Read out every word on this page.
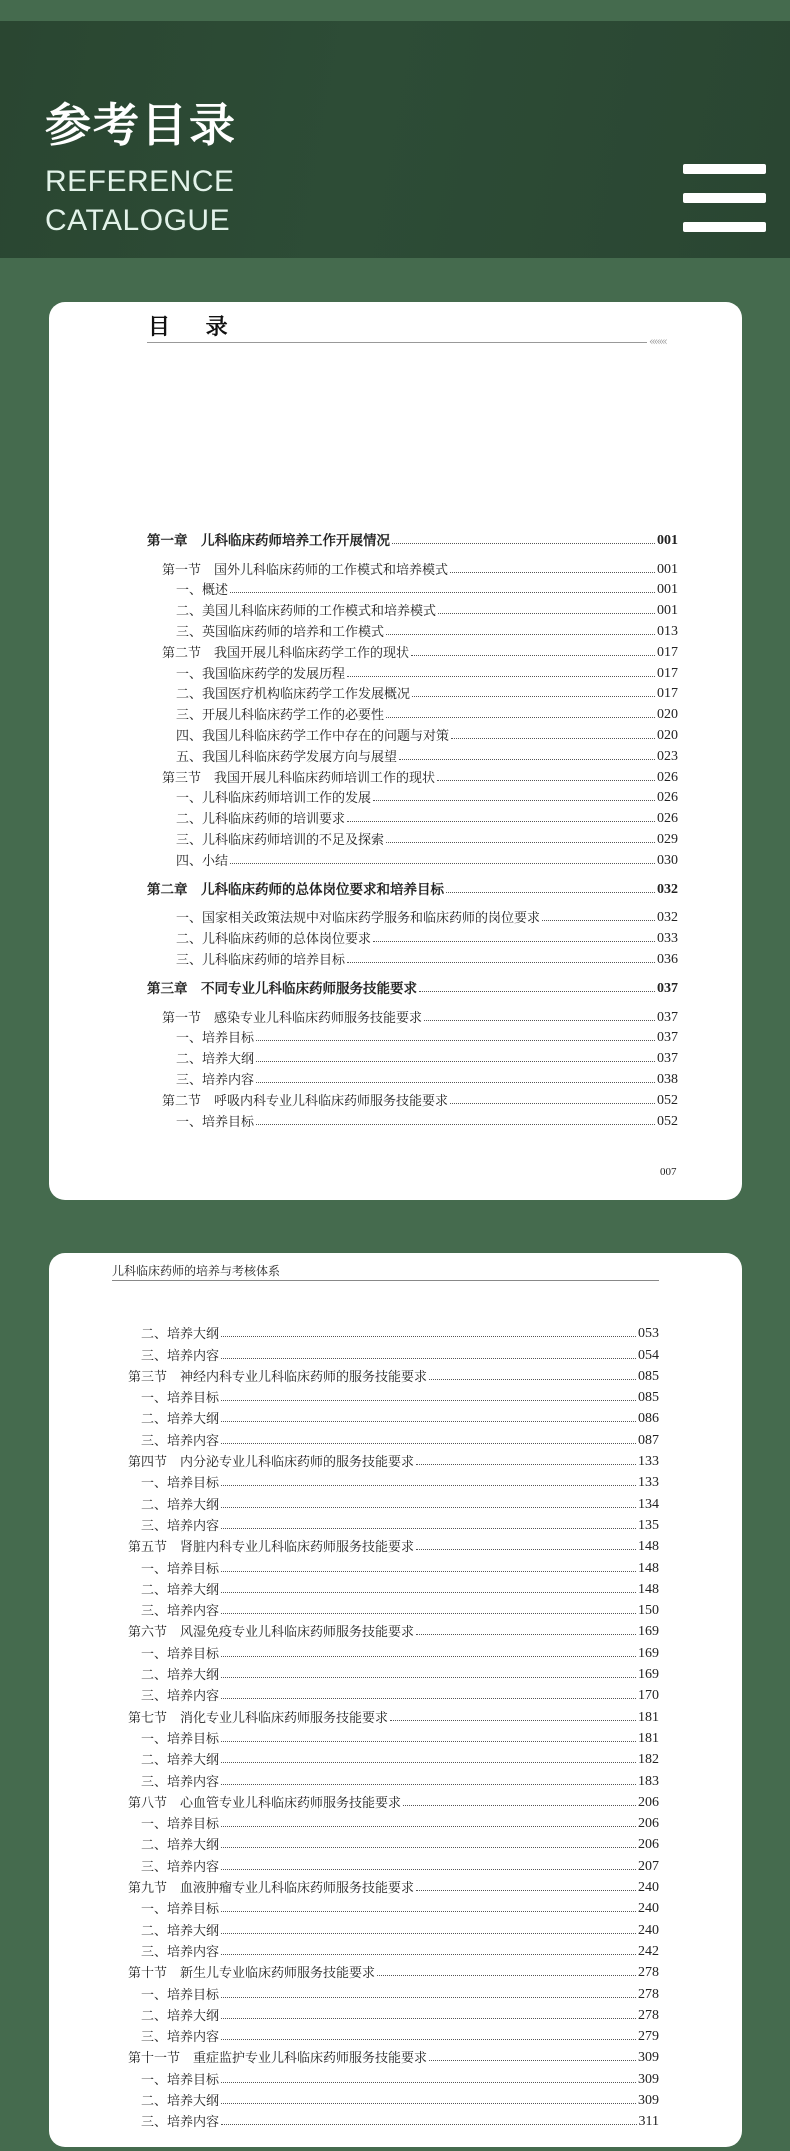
参考目录
REFERENCE
CATALOGUE
目 录
‹‹‹‹‹‹‹
第一章　儿科临床药师培养工作开展情况	001
第一节　国外儿科临床药师的工作模式和培养模式	001
一、概述	001
二、美国儿科临床药师的工作模式和培养模式	001
三、英国临床药师的培养和工作模式	013
第二节　我国开展儿科临床药学工作的现状	017
一、我国临床药学的发展历程	017
二、我国医疗机构临床药学工作发展概况	017
三、开展儿科临床药学工作的必要性	020
四、我国儿科临床药学工作中存在的问题与对策	020
五、我国儿科临床药学发展方向与展望	023
第三节　我国开展儿科临床药师培训工作的现状	026
一、儿科临床药师培训工作的发展	026
二、儿科临床药师的培训要求	026
三、儿科临床药师培训的不足及探索	029
四、小结	030
第二章　儿科临床药师的总体岗位要求和培养目标	032
一、国家相关政策法规中对临床药学服务和临床药师的岗位要求	032
二、儿科临床药师的总体岗位要求	033
三、儿科临床药师的培养目标	036
第三章　不同专业儿科临床药师服务技能要求	037
第一节　感染专业儿科临床药师服务技能要求	037
一、培养目标	037
二、培养大纲	037
三、培养内容	038
第二节　呼吸内科专业儿科临床药师服务技能要求	052
一、培养目标	052
007
儿科临床药师的培养与考核体系
二、培养大纲	053
三、培养内容	054
第三节　神经内科专业儿科临床药师的服务技能要求	085
一、培养目标	085
二、培养大纲	086
三、培养内容	087
第四节　内分泌专业儿科临床药师的服务技能要求	133
一、培养目标	133
二、培养大纲	134
三、培养内容	135
第五节　肾脏内科专业儿科临床药师服务技能要求	148
一、培养目标	148
二、培养大纲	148
三、培养内容	150
第六节　风湿免疫专业儿科临床药师服务技能要求	169
一、培养目标	169
二、培养大纲	169
三、培养内容	170
第七节　消化专业儿科临床药师服务技能要求	181
一、培养目标	181
二、培养大纲	182
三、培养内容	183
第八节　心血管专业儿科临床药师服务技能要求	206
一、培养目标	206
二、培养大纲	206
三、培养内容	207
第九节　血液肿瘤专业儿科临床药师服务技能要求	240
一、培养目标	240
二、培养大纲	240
三、培养内容	242
第十节　新生儿专业临床药师服务技能要求	278
一、培养目标	278
二、培养大纲	278
三、培养内容	279
第十一节　重症监护专业儿科临床药师服务技能要求	309
一、培养目标	309
二、培养大纲	309
三、培养内容	311
